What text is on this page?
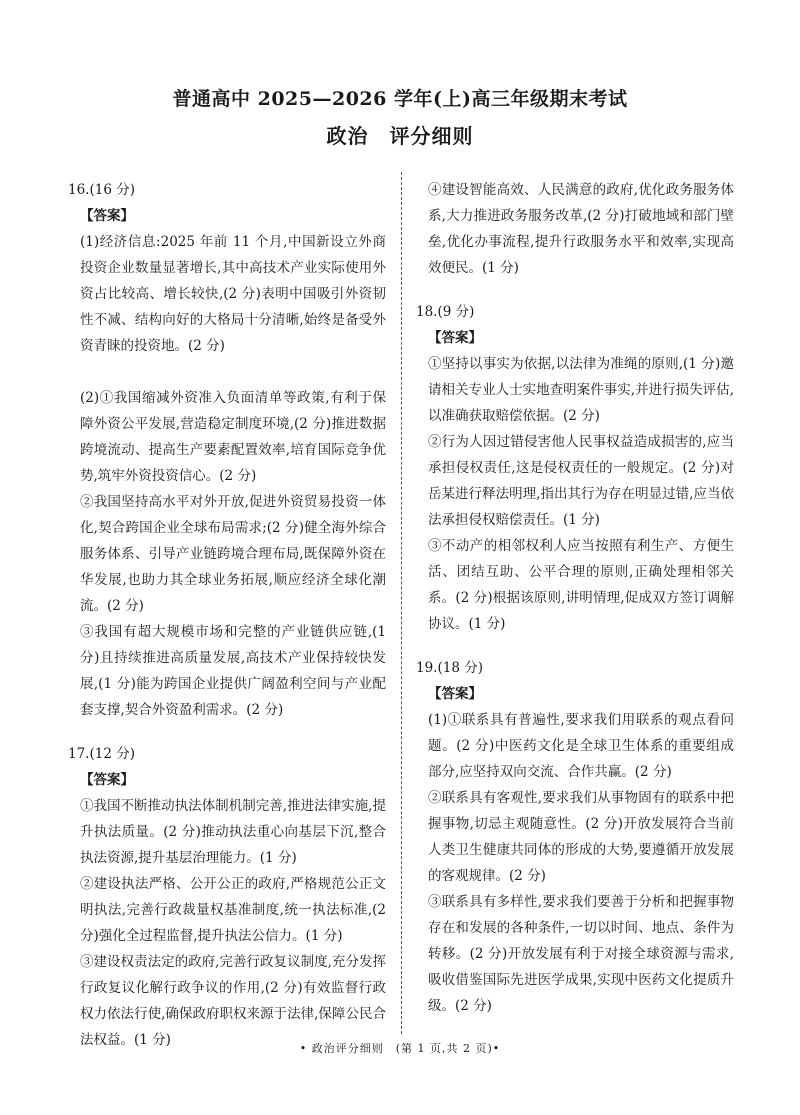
普通高中 2025—2026 学年(上)高三年级期末考试
政治　评分细则

16.(16 分)

【答案】

(1)经济信息:2025 年前 11 个月,中国新设立外商投资企业数量显著增长,其中高技术产业实际使用外资占比较高、增长较快,(2 分)表明中国吸引外资韧性不减、结构向好的大格局十分清晰,始终是备受外资青睐的投资地。(2 分)

(2)①我国缩减外资准入负面清单等政策,有利于保障外资公平发展,营造稳定制度环境,(2 分)推进数据跨境流动、提高生产要素配置效率,培育国际竞争优势,筑牢外资投资信心。(2 分)

②我国坚持高水平对外开放,促进外资贸易投资一体化,契合跨国企业全球布局需求;(2 分)健全海外综合服务体系、引导产业链跨境合理布局,既保障外资在华发展,也助力其全球业务拓展,顺应经济全球化潮流。(2 分)

③我国有超大规模市场和完整的产业链供应链,(1 分)且持续推进高质量发展,高技术产业保持较快发展,(1 分)能为跨国企业提供广阔盈利空间与产业配套支撑,契合外资盈利需求。(2 分)

17.(12 分)

【答案】

①我国不断推动执法体制机制完善,推进法律实施,提升执法质量。(2 分)推动执法重心向基层下沉,整合执法资源,提升基层治理能力。(1 分)

②建设执法严格、公开公正的政府,严格规范公正文明执法,完善行政裁量权基准制度,统一执法标准,(2 分)强化全过程监督,提升执法公信力。(1 分)

③建设权责法定的政府,完善行政复议制度,充分发挥行政复议化解行政争议的作用,(2 分)有效监督行政权力依法行使,确保政府职权来源于法律,保障公民合法权益。(1 分)

④建设智能高效、人民满意的政府,优化政务服务体系,大力推进政务服务改革,(2 分)打破地域和部门壁垒,优化办事流程,提升行政服务水平和效率,实现高效便民。(1 分)

18.(9 分)

【答案】

①坚持以事实为依据,以法律为准绳的原则,(1 分)邀请相关专业人士实地查明案件事实,并进行损失评估,以准确获取赔偿依据。(2 分)

②行为人因过错侵害他人民事权益造成损害的,应当承担侵权责任,这是侵权责任的一般规定。(2 分)对岳某进行释法明理,指出其行为存在明显过错,应当依法承担侵权赔偿责任。(1 分)

③不动产的相邻权利人应当按照有利生产、方便生活、团结互助、公平合理的原则,正确处理相邻关系。(2 分)根据该原则,讲明情理,促成双方签订调解协议。(1 分)

19.(18 分)

【答案】

(1)①联系具有普遍性,要求我们用联系的观点看问题。(2 分)中医药文化是全球卫生体系的重要组成部分,应坚持双向交流、合作共赢。(2 分)

②联系具有客观性,要求我们从事物固有的联系中把握事物,切忌主观随意性。(2 分)开放发展符合当前人类卫生健康共同体的形成的大势,要遵循开放发展的客观规律。(2 分)

③联系具有多样性,要求我们要善于分析和把握事物存在和发展的各种条件,一切以时间、地点、条件为转移。(2 分)开放发展有利于对接全球资源与需求,吸收借鉴国际先进医学成果,实现中医药文化提质升级。(2 分)

• 政治评分细则　(第 1 页,共 2 页)•
